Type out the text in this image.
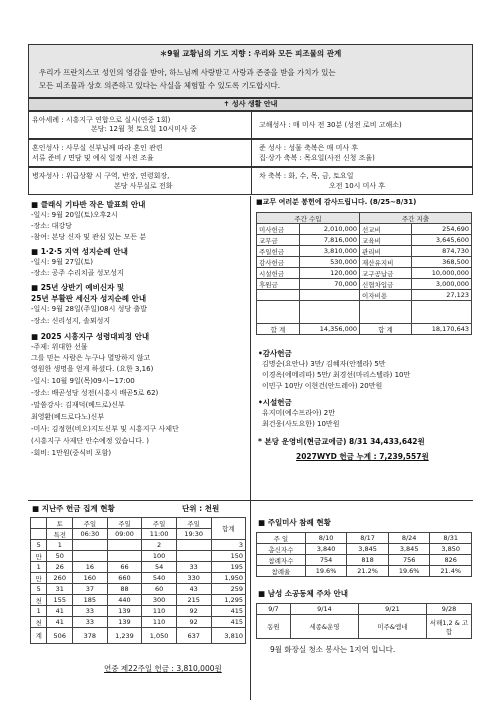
＊9월 교황님의 기도 지향 : 우리와 모든 피조물의 관계
우리가 프란치스코 성인의 영감을 받아, 하느님께 사랑받고 사랑과 존중을 받을 가치가 있는
모든 피조물과 상호 의존하고 있다는 사실을 체험할 수 있도록 기도합시다.
✝ 성사 생활 안내
유아세례 : 시흥지구 연합으로 실시(연중 1회)
본당: 12월 첫 토요일 10시미사 중	고해성사 : 매 미사 전 30분 (성전 로비 고해소)
혼인성사 : 사무실 신부님께 따라 혼인 관련
서류 준비 / 면담 및 예식 일정 사전 조율
준 성사 : 성물 축복은 매 미사 후
집·상가 축복 : 목요일(사전 신청 조율)
병자성사 : 위급상황 시 구역, 반장, 연령회장,
본당 사무실로 전화
차 축복 : 화, 수, 목, 금, 토요일
오전 10시 미사 후
■ 클래식 기타반 작은 발표회 안내
-일시: 9월 20일(토)오후2시
-장소: 대강당
-참여: 본당 신자 및 관심 있는 모든 분
■ 1·2·5 지역 성지순례 안내
-일시: 9월 27일(토)
-장소: 공주 수리치골 성모성지
■ 25년 상반기 예비신자 및
25년 부활판 세신자 성지순례 안내
-일시: 9월 28일(주일)08시 성당 출발
-장소: 신리성지, 솔뫼성지
■ 2025 시흥지구 성령대피정 안내
-주제: 위대한 선물
그를 믿는 사람은 누구나 멸망하지 않고
영원한 생명을 얻게 하셨다. (요한 3,16)
-일시: 10월 9일(목)09시~17:00
-장소: 배곧성당 성전(시흥시 배곧5로 62)
-말씀강사: 김재덕(베드로)신부
최영환(베드로다노)신부
-미사: 김정현(비오)지도신부 및 시흥지구 사제단
(시흥지구 사제단 안수예정 있습니다. )
-회비: 1만원(중식비 포함)
■교무 여러분 봉헌에 감사드립니다. (8/25~8/31)
주간 수입		주간 지출	
미사헌금	2,010,000	선교비	254,690
교무금	7,816,000	교육비	3,645,600
주일헌금	3,810,000	관리비	874,730
감사헌금	530,000	재산유지비	368,500
시설헌금	120,000	교구공납금	10,000,000
후원금	70,000	신협차입금	3,000,000
		이자비용	27,123

합 계	14,356,000	합 계	18,170,643
•감사헌금
김명순(요안나) 3만/ 김혜자(안젤라) 5만
이경옥(에메리따) 5만/ 최경선(마리스텔라) 10만
이민구 10만/ 이현건(안드레아) 20만원
•시설헌금
유지미(예수프라아) 2만
최건웅(사도요한) 10만원
* 본당 운영비(현금교에금) 8/31 34,433,642원
2027WYD 헌금 누계 : 7,239,557원
■ 지난주 헌금 집계 현황	단위 : 천원
	토	주일	주일	주일	주일	합계
	특전	06:30	09:00	11:00	19:30	
5	1			2		3
만	50			100		150
1	26	16	66	54	33	195
만	260	160	660	540	330	1,950
5	31	37	88	60	43	259
천	155	185	440	300	215	1,295
1	41	33	139	110	92	415
천	41	33	139	110	92	415
계	506	378	1,239	1,050	637	3,810
연중 제22주일 헌금 : 3,810,000원
■ 주일미사 참례 현황
주 일	8/10	8/17	8/24	8/31
총신자수	3,840	3,845	3,845	3,850
참례자수	754	818	756	826
참례율	19.6%	21.2%	19.6%	21.4%
■ 남성 소공동체 주차 안내
9/7	9/14	9/21	9/28
동원	세종&운영	미주&엠네	서해1,2 & 고합
9월 화장실 청소 봉사는 1지역 입니다.
